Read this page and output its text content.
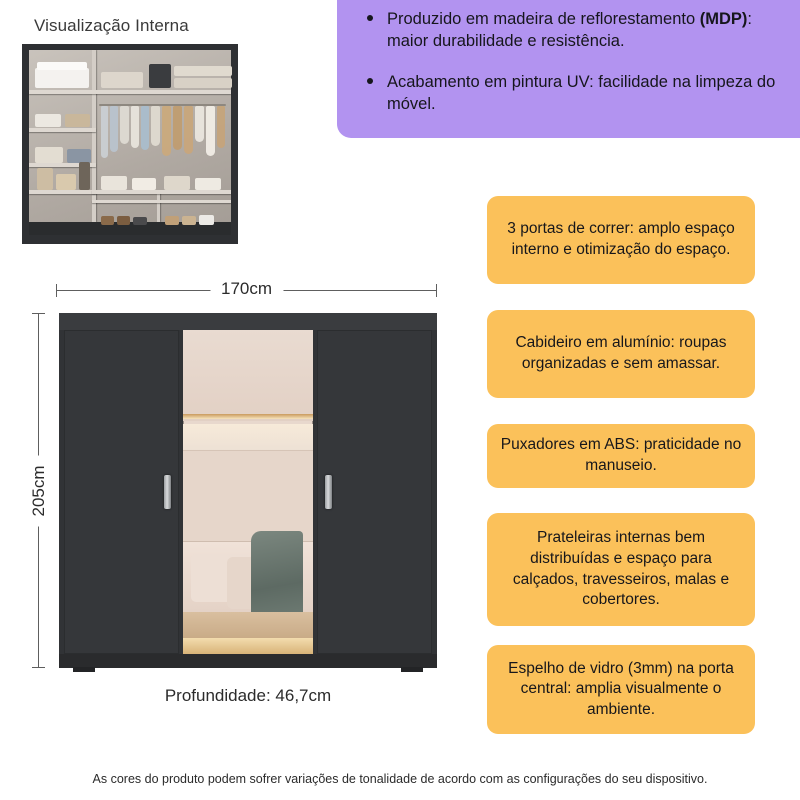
Visualização Interna	Produzido em madeira de reflorestamento (MDP): maior durabilidade e resistência.
Acabamento em pintura UV: facilidade na limpeza do móvel.
3 portas de correr: amplo espaço interno e otimização do espaço.
Cabideiro em alumínio: roupas organizadas e sem amassar.
Puxadores em ABS: praticidade no manuseio.
Prateleiras internas bem distribuídas e espaço para calçados, travesseiros, malas e cobertores.
Espelho de vidro (3mm) na porta central: amplia visualmente o ambiente.
170cm
205cm
Profundidade: 46,7cm
As cores do produto podem sofrer variações de tonalidade de acordo com as configurações do seu dispositivo.
